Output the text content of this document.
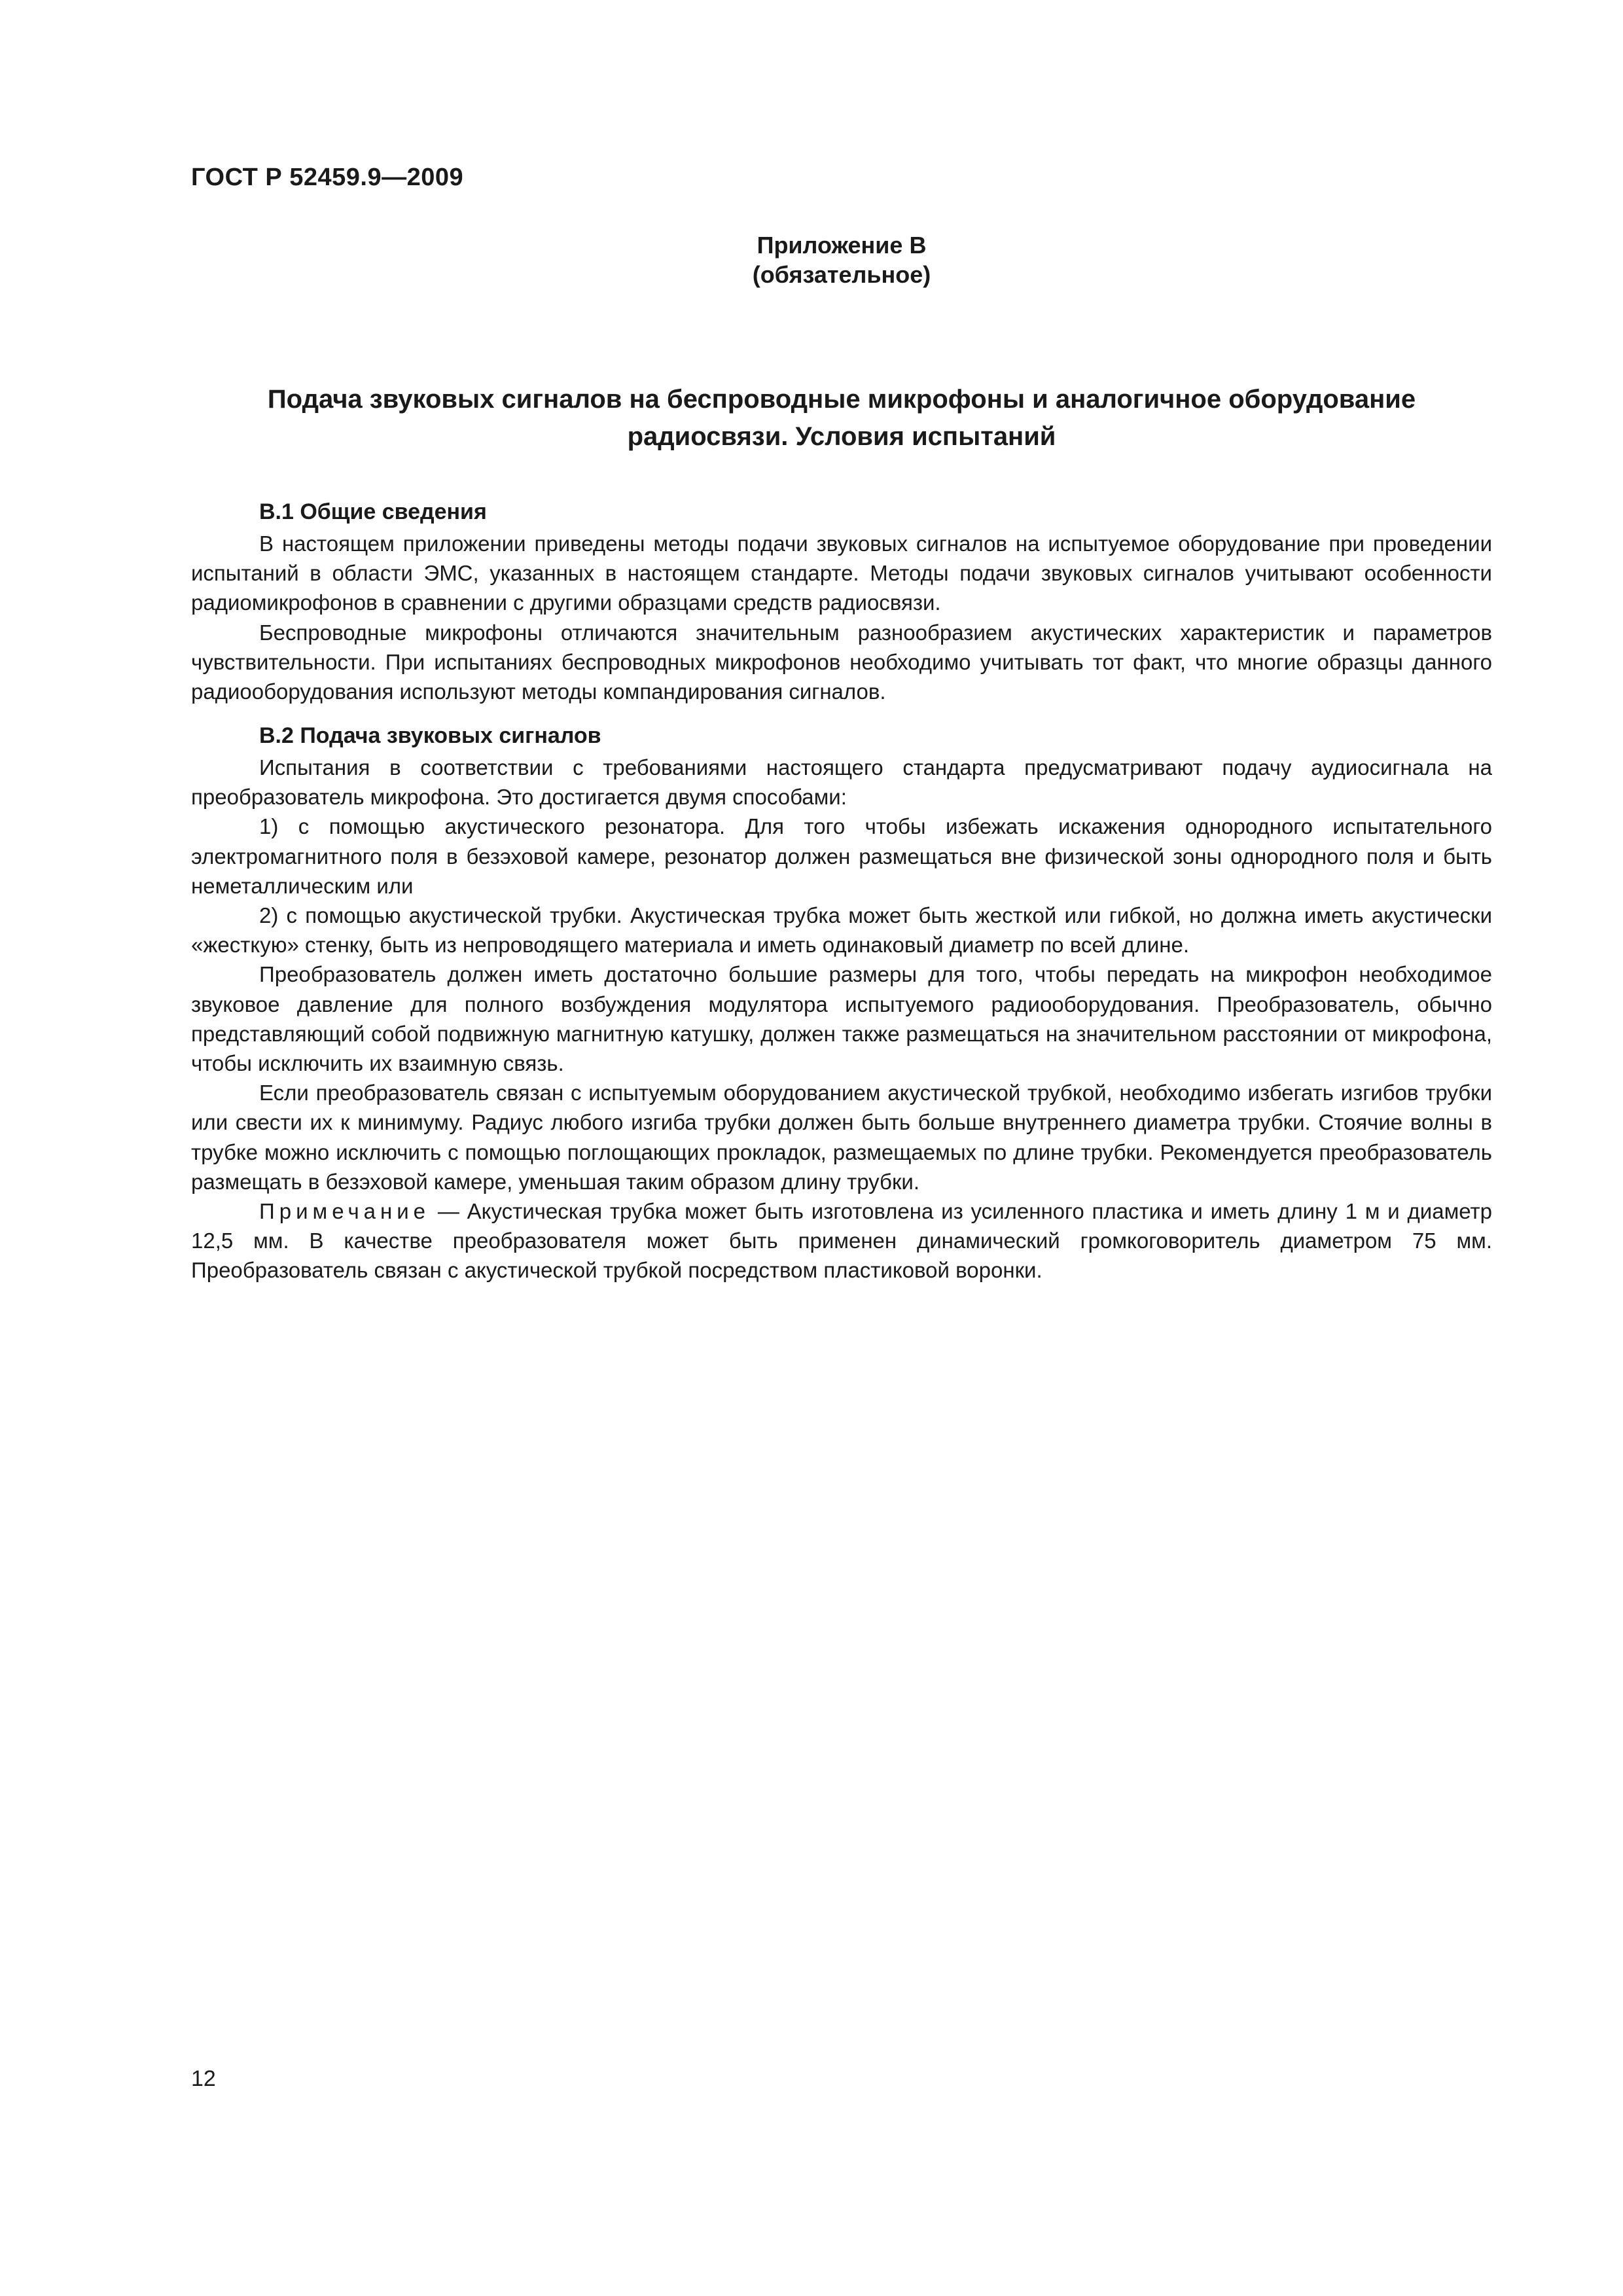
ГОСТ Р 52459.9—2009
Приложение В
(обязательное)
Подача звуковых сигналов на беспроводные микрофоны и аналогичное оборудование
радиосвязи. Условия испытаний
В.1 Общие сведения

В настоящем приложении приведены методы подачи звуковых сигналов на испытуемое оборудование при проведении испытаний в области ЭМС, указанных в настоящем стандарте. Методы подачи звуковых сигналов учитывают особенности радиомикрофонов в сравнении с другими образцами средств радиосвязи.

Беспроводные микрофоны отличаются значительным разнообразием акустических характеристик и параметров чувствительности. При испытаниях беспроводных микрофонов необходимо учитывать тот факт, что многие образцы данного радиооборудования используют методы компандирования сигналов.

В.2 Подача звуковых сигналов

Испытания в соответствии с требованиями настоящего стандарта предусматривают подачу аудиосигнала на преобразователь микрофона. Это достигается двумя способами:

1) с помощью акустического резонатора. Для того чтобы избежать искажения однородного испытательного электромагнитного поля в безэховой камере, резонатор должен размещаться вне физической зоны однородного поля и быть неметаллическим или

2) с помощью акустической трубки. Акустическая трубка может быть жесткой или гибкой, но должна иметь акустически «жесткую» стенку, быть из непроводящего материала и иметь одинаковый диаметр по всей длине.

Преобразователь должен иметь достаточно большие размеры для того, чтобы передать на микрофон необходимое звуковое давление для полного возбуждения модулятора испытуемого радиооборудования. Преобразователь, обычно представляющий собой подвижную магнитную катушку, должен также размещаться на значительном расстоянии от микрофона, чтобы исключить их взаимную связь.

Если преобразователь связан с испытуемым оборудованием акустической трубкой, необходимо избегать изгибов трубки или свести их к минимуму. Радиус любого изгиба трубки должен быть больше внутреннего диаметра трубки. Стоячие волны в трубке можно исключить с помощью поглощающих прокладок, размещаемых по длине трубки. Рекомендуется преобразователь размещать в безэховой камере, уменьшая таким образом длину трубки.

Примечание — Акустическая трубка может быть изготовлена из усиленного пластика и иметь длину 1 м и диаметр 12,5 мм. В качестве преобразователя может быть применен динамический громкоговоритель диаметром 75 мм. Преобразователь связан с акустической трубкой посредством пластиковой воронки.

12
